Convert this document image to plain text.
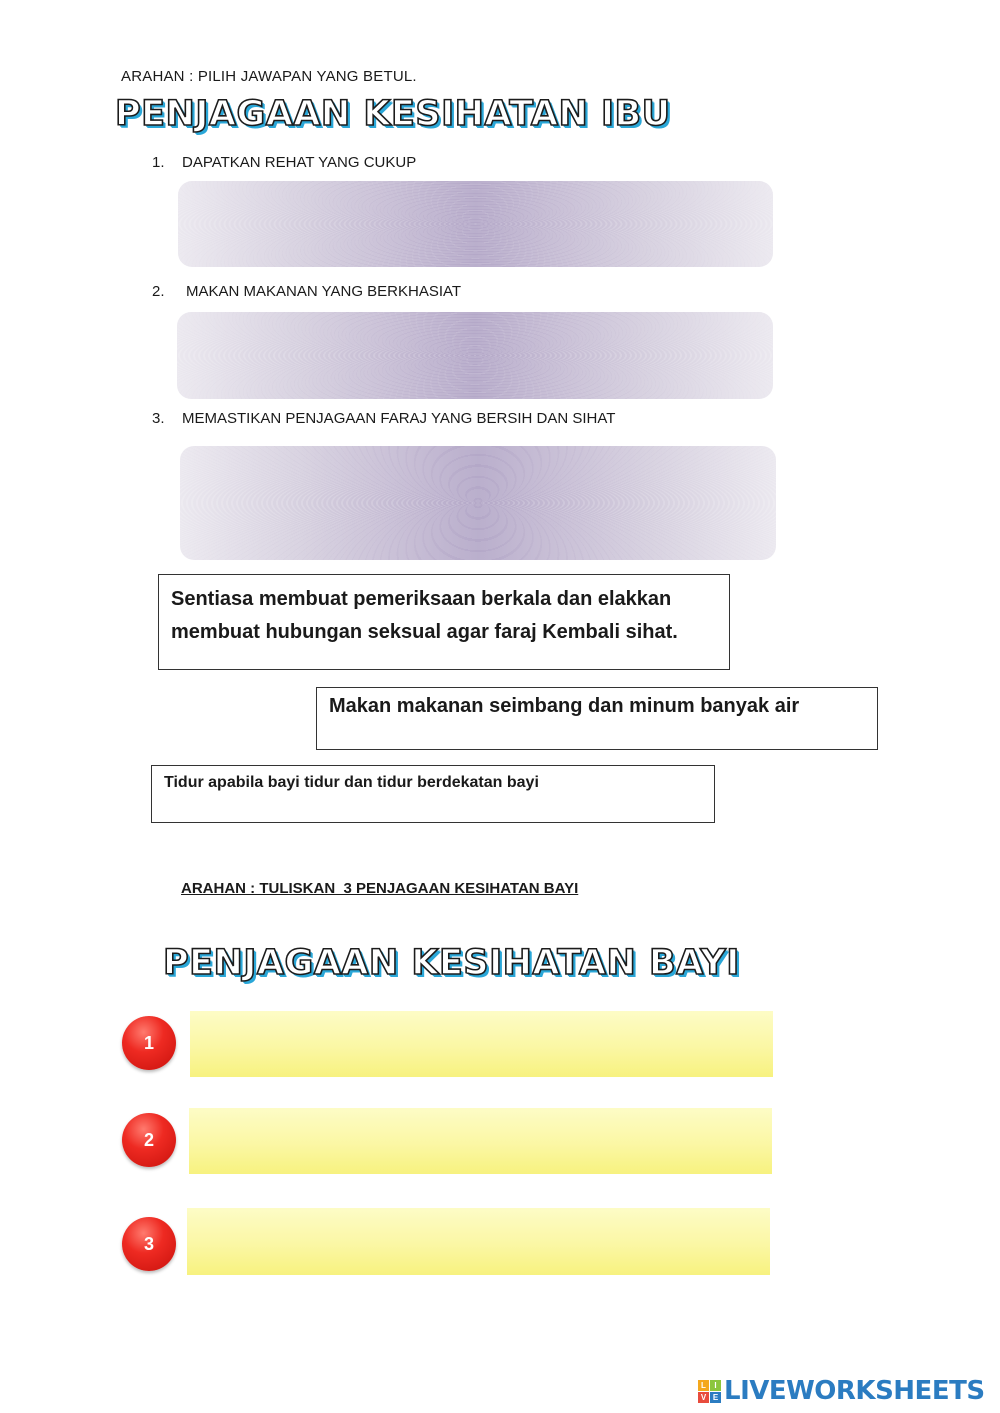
ARAHAN : PILIH JAWAPAN YANG BETUL.
PENJAGAAN KESIHATAN IBU
1. DAPATKAN REHAT YANG CUKUP
2. MAKAN MAKANAN YANG BERKHASIAT
3. MEMASTIKAN PENJAGAAN FARAJ YANG BERSIH DAN SIHAT
Sentiasa membuat pemeriksaan berkala dan elakkan membuat hubungan seksual agar faraj Kembali sihat.
Makan makanan seimbang dan minum banyak air
Tidur apabila bayi tidur dan tidur berdekatan bayi
ARAHAN : TULISKAN  3 PENJAGAAN KESIHATAN BAYI
PENJAGAAN KESIHATAN BAYI
1
2
3
L	I
V E LIVEWORKSHEETS
